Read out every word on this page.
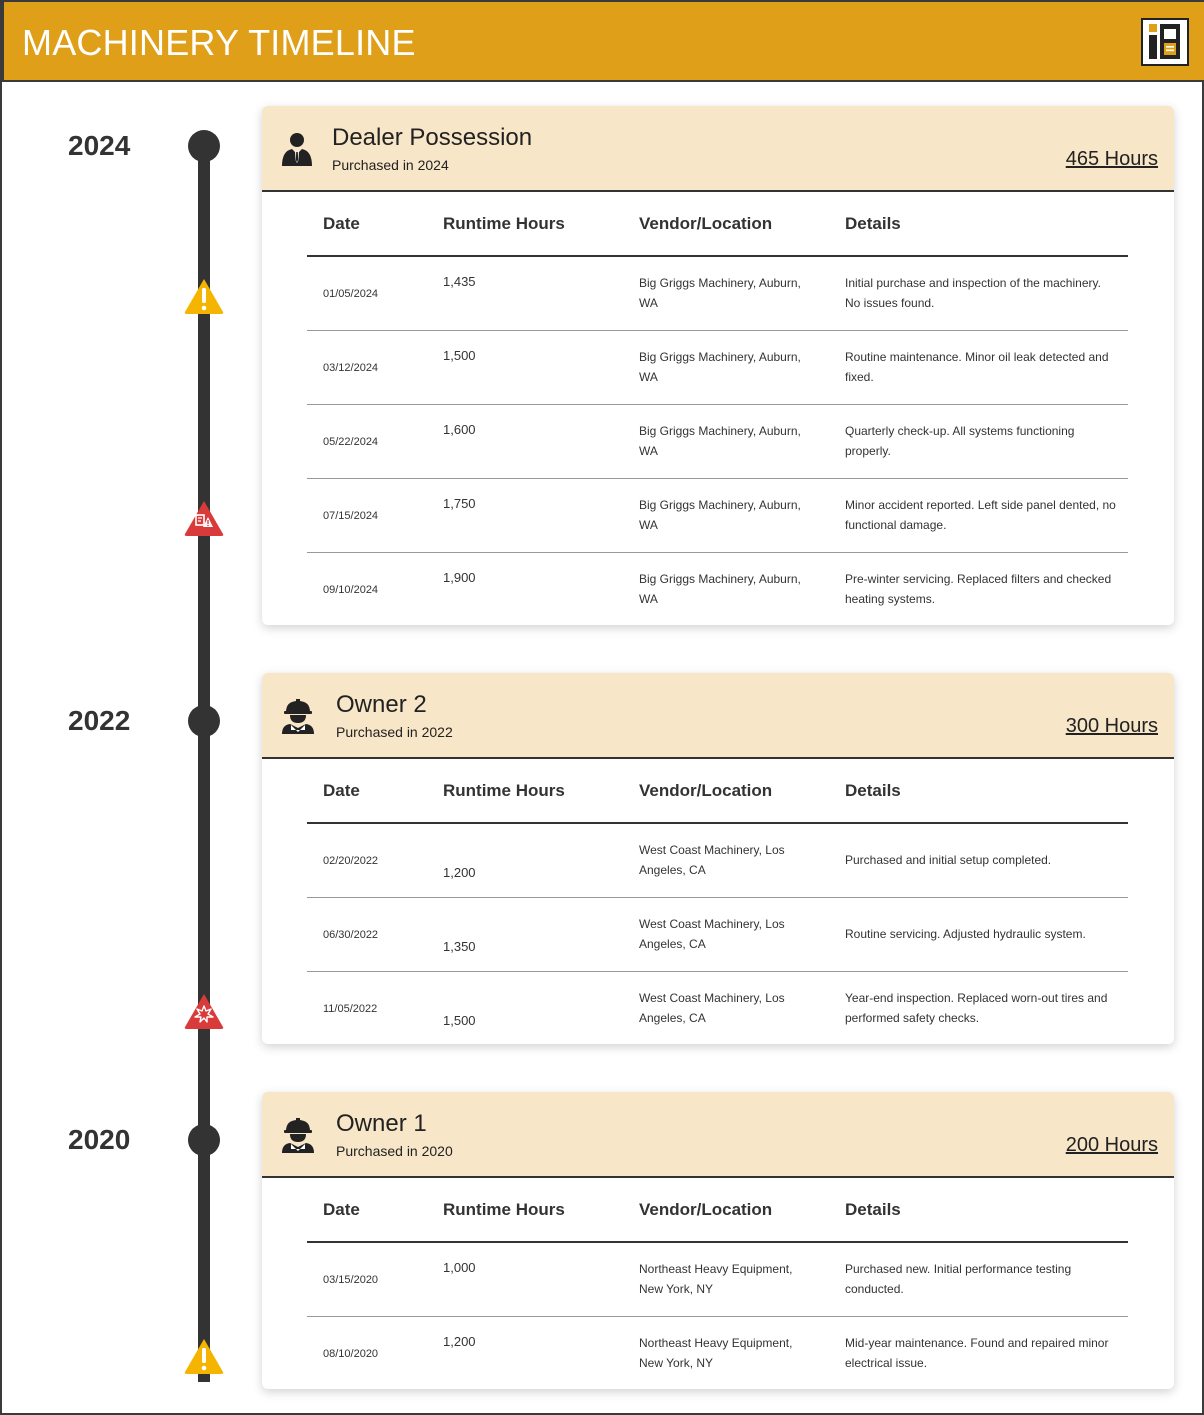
MACHINERY TIMELINE
2024
2022
2020
Dealer Possession
Purchased in 2024	465 Hours
Date	Runtime Hours	Vendor/Location	Details
01/05/2024	1,435	Big Griggs Machinery, Auburn, WA	Initial purchase and inspection of the machinery. No issues found.

03/12/2024	1,500	Big Griggs Machinery, Auburn, WA	Routine maintenance. Minor oil leak detected and fixed.

05/22/2024	1,600	Big Griggs Machinery, Auburn, WA	Quarterly check-up. All systems functioning properly.

07/15/2024	1,750	Big Griggs Machinery, Auburn, WA	Minor accident reported. Left side panel dented, no functional damage.

09/10/2024	1,900	Big Griggs Machinery, Auburn, WA	Pre-winter servicing. Replaced filters and checked heating systems.
Owner 2
Purchased in 2022	300 Hours
Date	Runtime Hours	Vendor/Location	Details
02/20/2022	1,200	West Coast Machinery, Los Angeles, CA	Purchased and initial setup completed.

06/30/2022	1,350	West Coast Machinery, Los Angeles, CA	Routine servicing. Adjusted hydraulic system.

11/05/2022	1,500	West Coast Machinery, Los Angeles, CA	Year-end inspection. Replaced worn-out tires and performed safety checks.
Owner 1
Purchased in 2020	200 Hours
Date	Runtime Hours	Vendor/Location	Details
03/15/2020	1,000	Northeast Heavy Equipment, New York, NY	Purchased new. Initial performance testing conducted.

08/10/2020	1,200	Northeast Heavy Equipment, New York, NY	Mid-year maintenance. Found and repaired minor electrical issue.
